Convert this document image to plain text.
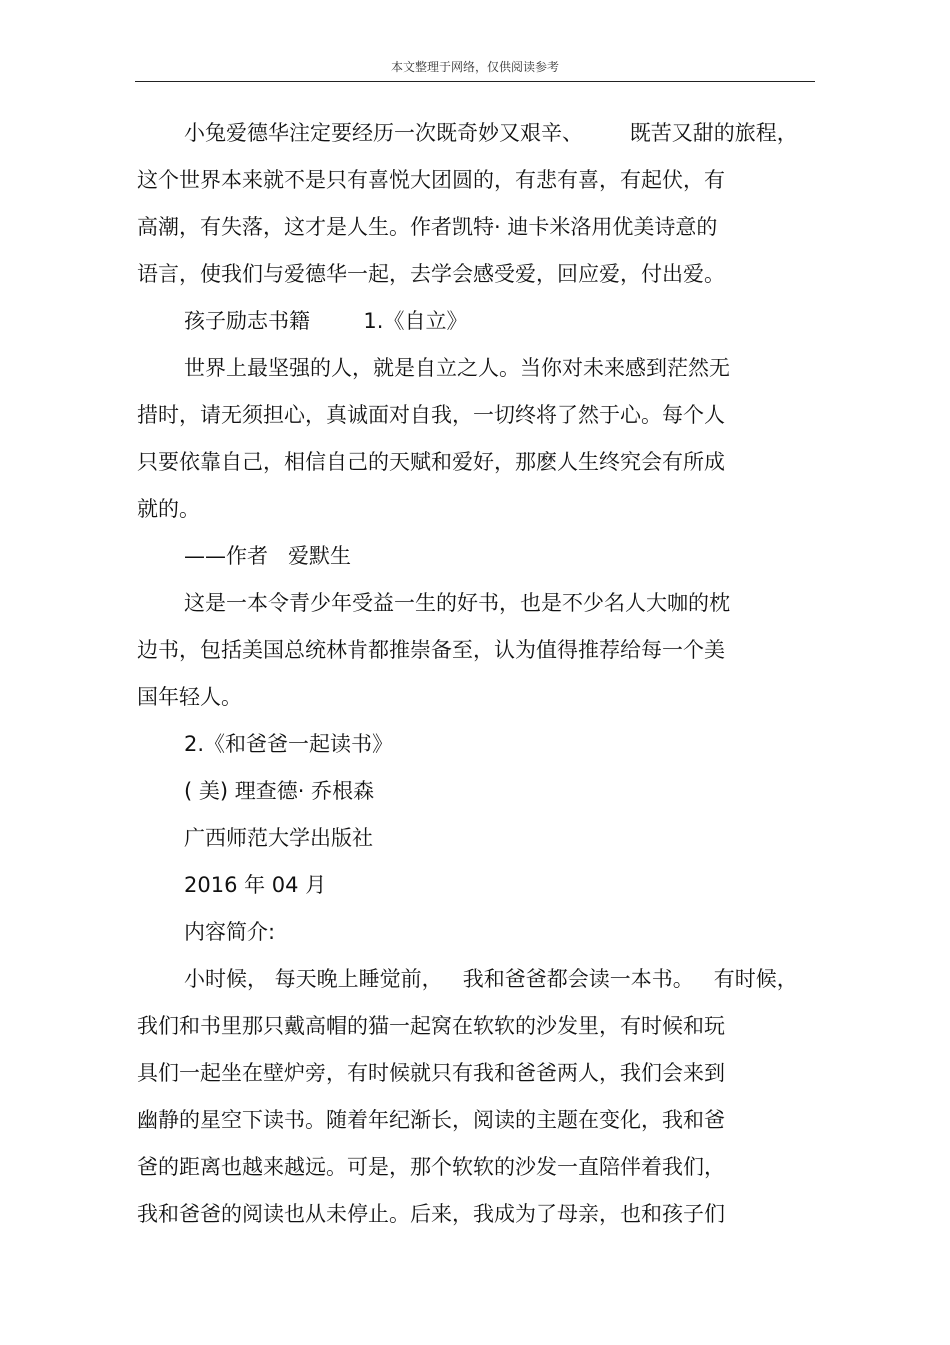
本文整理于网络，仅供阅读参考
小兔爱德华注定要经历一次既奇妙又艰辛、       既苦又甜的旅程，
这个世界本来就不是只有喜悦大团圆的，有悲有喜，有起伏，有
高潮，有失落，这才是人生。作者凯特· 迪卡米洛用优美诗意的
语言，使我们与爱德华一起，去学会感受爱，回应爱，付出爱。
孩子励志书籍        1.《自立》
世界上最坚强的人，就是自立之人。当你对未来感到茫然无
措时，请无须担心，真诚面对自我，一切终将了然于心。每个人
只要依靠自己，相信自己的天赋和爱好，那麽人生终究会有所成
就的。
——作者   爱默生
这是一本令青少年受益一生的好书，也是不少名人大咖的枕
边书，包括美国总统林肯都推崇备至，认为值得推荐给每一个美
国年轻人。
2.《和爸爸一起读书》
( 美) 理查德· 乔根森
广西师范大学出版社
2016 年 04 月
内容简介:
小时候， 每天晚上睡觉前，   我和爸爸都会读一本书。   有时候，
我们和书里那只戴高帽的猫一起窝在软软的沙发里，有时候和玩
具们一起坐在壁炉旁，有时候就只有我和爸爸两人，我们会来到
幽静的星空下读书。随着年纪渐长，阅读的主题在变化，我和爸
爸的距离也越来越远。可是，那个软软的沙发一直陪伴着我们，
我和爸爸的阅读也从未停止。后来，我成为了母亲，也和孩子们
